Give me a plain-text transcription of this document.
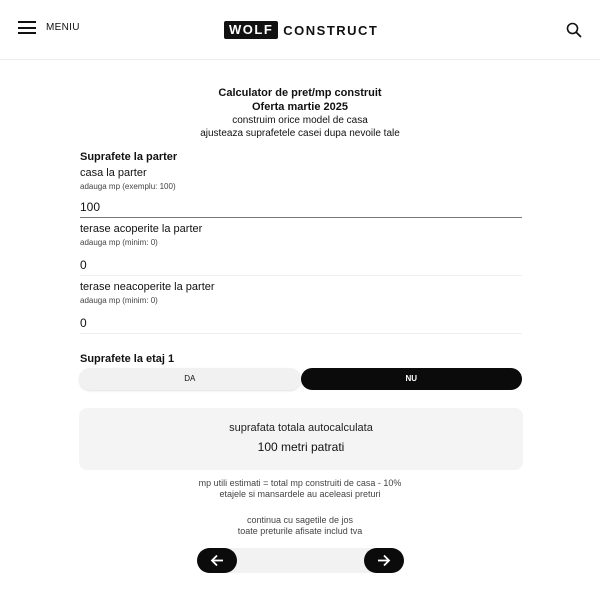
MENIU	WOLF CONSTRUCT
Calculator de pret/mp construit
Oferta martie 2025
construim orice model de casa
ajusteaza suprafetele casei dupa nevoile tale
Suprafete la parter
casa la parter
adauga mp (exemplu: 100)
100
terase acoperite la parter
adauga mp (minim: 0)
0
terase neacoperite la parter
adauga mp (minim: 0)
0
Suprafete la etaj 1
DA	NU
suprafata totala autocalculata
100 metri patrati
mp utili estimati = total mp construiti de casa - 10%
etajele si mansardele au aceleasi preturi
continua cu sagetile de jos
toate preturile afisate includ tva
